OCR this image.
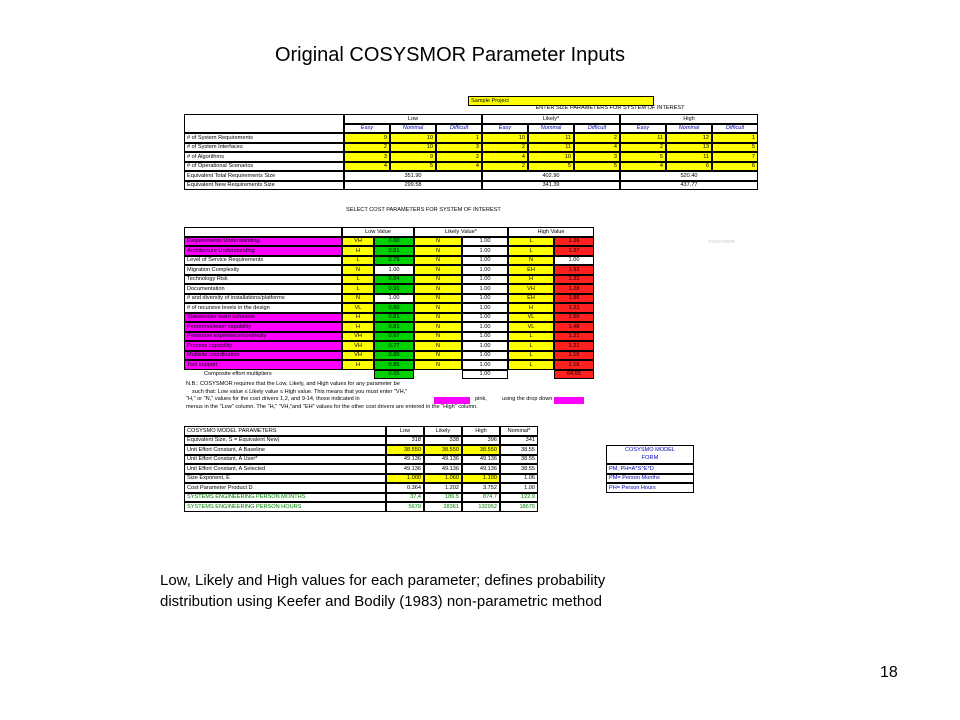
Original COSYSMOR Parameter Inputs
Sample Project
ENTER SIZE PARAMETERS FOR SYSTEM OF INTEREST
Low	Likely*	High
Easy	Nominal	Difficult	Easy	Nominal	Difficult	Easy	Nominal	Difficult
# of System Requirements	9	10	1	10	11	2	11	12	1
# of System Interfaces	2	10	3	2	11	4	2	13	5
# of Algorithms	3	9	2	4	10	3	5	11	7
# of Operational Scenarios	4	5	4	2	5	5	4	6	6
Equivalent Total Requirements Size	351.90	402.90	520.40
Equivalent New Requirements Size	299.58	341.39	437.77
SELECT COST PARAMETERS FOR SYSTEM OF INTEREST
COSYSMOR
Low Value	Likely Value*	High Value
Requirements Understanding	VH	0.60	N	1.00	L	1.36
Architecture Understanding	H	0.81	N	1.00	L	1.27
Level of Service Requirements	L	0.79	N	1.00	N	1.00
Migration Complexity	N	1.00	N	1.00	EH	1.92
Technology Risk	L	0.84	N	1.00	H	1.32
Documentation	L	0.91	N	1.00	VH	1.28
# and diversity of installations/platforms	N	1.00	N	1.00	EH	1.86
# of recursive levels in the design	VL	0.80	N	1.00	H	1.21
Stakeholder team cohesion	H	0.81	N	1.00	VL	1.50
Personnel/team capability	H	0.81	N	1.00	VL	1.48
Personnel experience/continuity	VH	0.67	N	1.00	L	1.21
Process capability	VH	0.77	N	1.00	L	1.21
Multisite coordination	VH	0.80	N	1.00	L	1.15
Tool support	H	0.85	N	1.00	L	1.16
Composite effort multipliers	0.05	1.00	64.55
N.B.: COSYSMOR requires that the Low, Likely, and High values for any parameter be
such that: Low value ≤ Likely value ≤ High value. This means that you must enter "VH,"
"H," or "N," values for the cost drivers 1,2, and 9-14, those indicated in	pink,	using the drop down
menus in the "Low" column. The "H," "VH,"and "EH" values for the other cost drivers are entered in the "High" column.
COSYSMO MODEL PARAMETERS	Low	Likely	High	Nominal*
Equivalent Size, S = Equivalent New)	318	338	396	341
Unit Effort Constant, A Baseline	38.550	38.550	38.550	38.55
Unit Effort Constant, A User*	49.136	49.136	49.136	38.55
Unit Effort Constant, A Selected	49.136	49.136	49.136	38.55
Size Exponent, E	1.000	1.060	1.100	1.06
Cost Parameter Product D	0.364	1.202	3.752	1.00
SYSTEMS ENGINEERING PERSON MONTHS	37.4	186.5	874.7	122.9
SYSTEMS ENGINEERING PERSON HOURS	5679	28361	132952	18675
COSYSMO MODEL
FORM
PM, PH=A*S^E*D
PM= Person Months
PH= Person Hours
Low, Likely and High values for each parameter; defines probability
distribution using Keefer and Bodily (1983) non-parametric method
18
